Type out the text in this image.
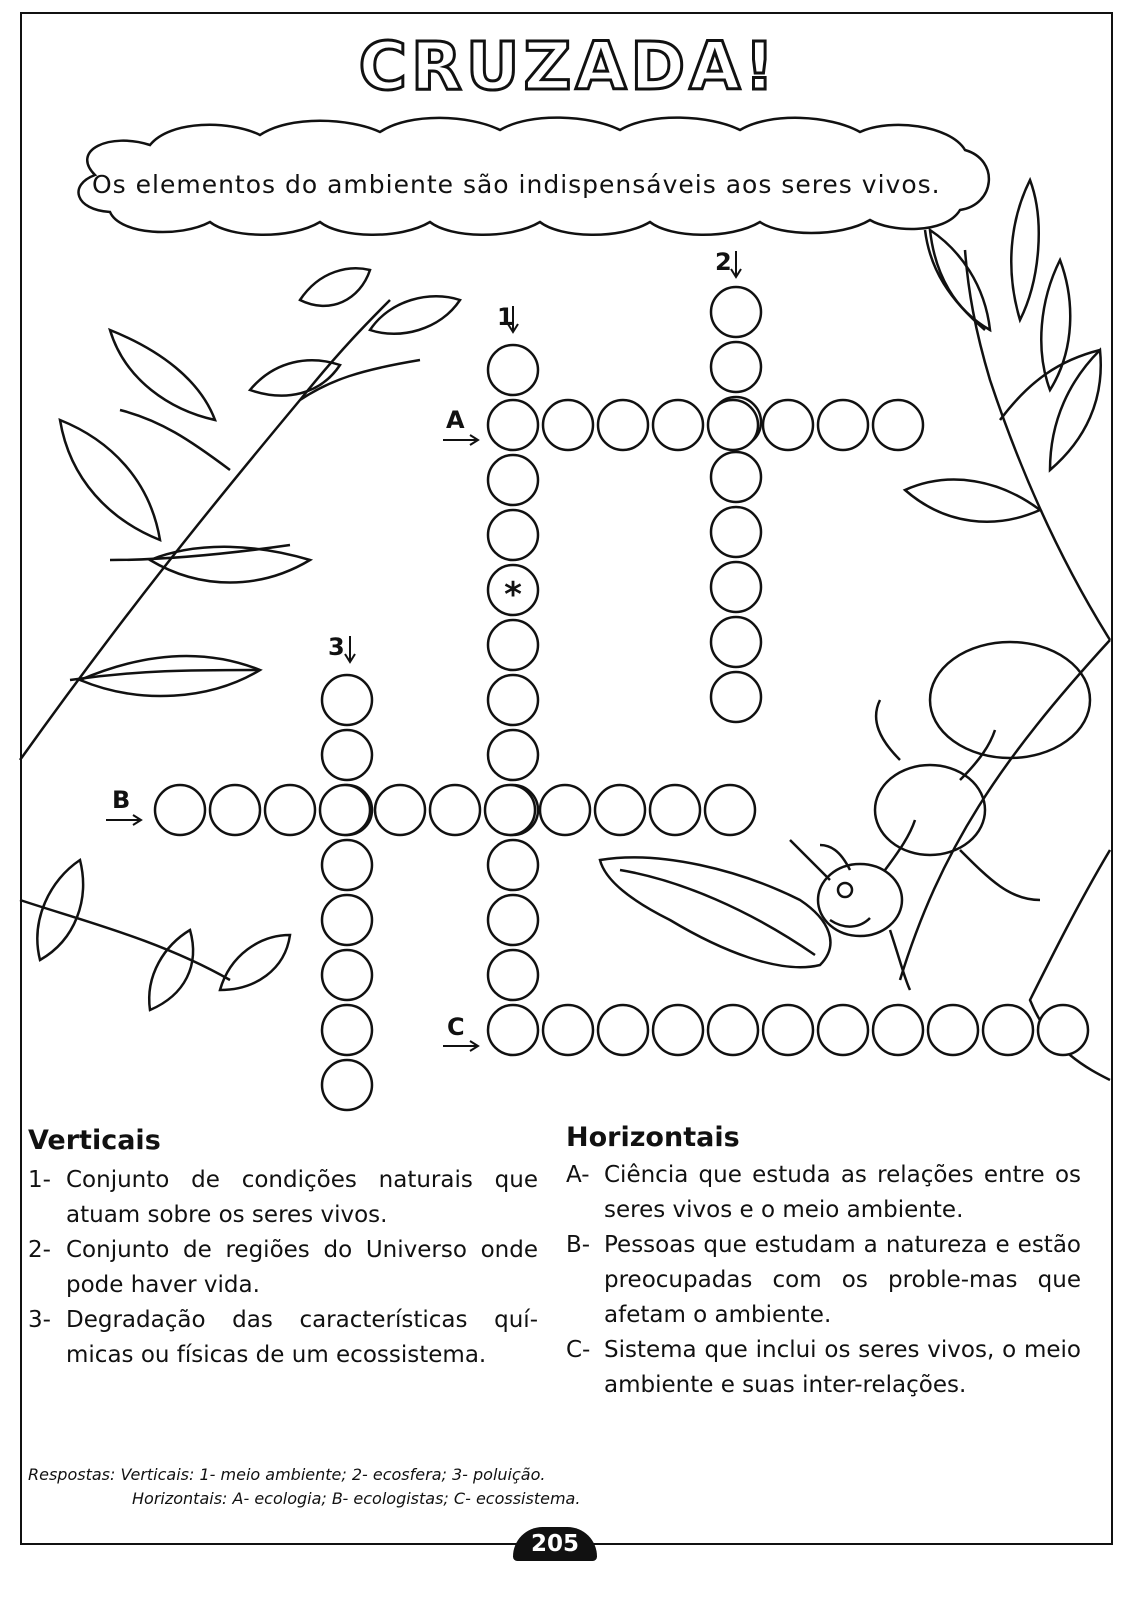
CRUZADA!
*
1
2
3
A
B
C
Os elementos do ambiente são indispensáveis aos seres vivos.
Verticais
1- Conjunto de condições naturais que atuam sobre os seres vivos.
2- Conjunto de regiões do Universo onde pode haver vida.
3- Degradação das características quí-micas ou físicas de um ecossistema.
Horizontais
A- Ciência que estuda as relações entre os seres vivos e o meio ambiente.
B- Pessoas que estudam a natureza e estão preocupadas com os proble-mas que afetam o ambiente.
C- Sistema que inclui os seres vivos, o meio ambiente e suas inter-relações.
Respostas: Verticais: 1- meio ambiente; 2- ecosfera; 3- poluição.
Horizontais: A- ecologia; B- ecologistas; C- ecossistema.
205
